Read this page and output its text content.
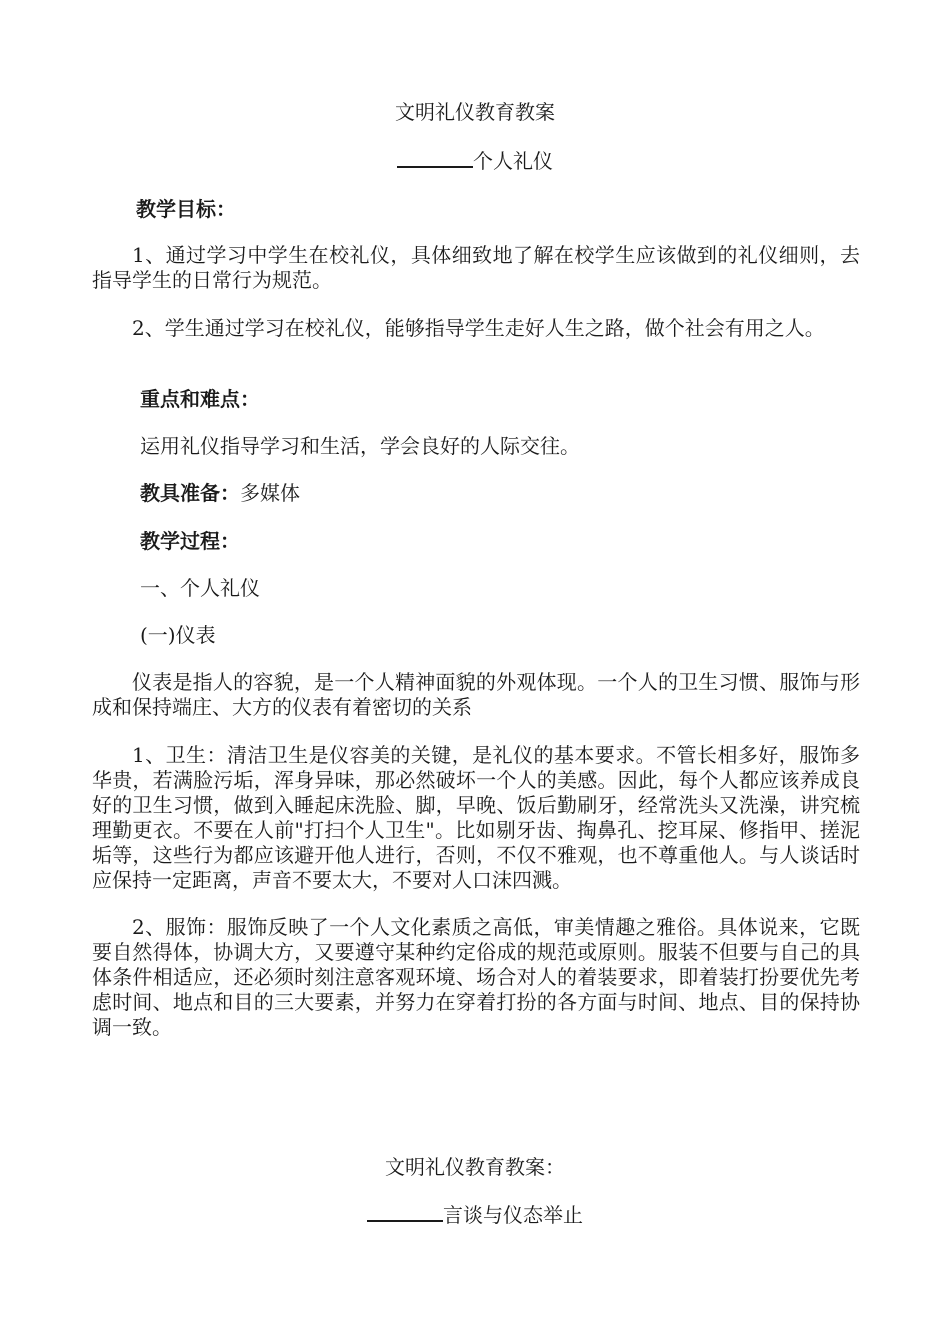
文明礼仪教育教案
个人礼仪
教学目标：
1、通过学习中学生在校礼仪，具体细致地了解在校学生应该做到的礼仪细则，去指导学生的日常行为规范。
2、学生通过学习在校礼仪，能够指导学生走好人生之路，做个社会有用之人。
重点和难点：
运用礼仪指导学习和生活，学会良好的人际交往。
教具准备：多媒体
教学过程：
一、个人礼仪
(一)仪表
仪表是指人的容貌，是一个人精神面貌的外观体现。一个人的卫生习惯、服饰与形成和保持端庄、大方的仪表有着密切的关系
1、卫生：清洁卫生是仪容美的关键，是礼仪的基本要求。不管长相多好，服饰多华贵，若满脸污垢，浑身异味，那必然破坏一个人的美感。因此，每个人都应该养成良好的卫生习惯，做到入睡起床洗脸、脚，早晚、饭后勤刷牙，经常洗头又洗澡，讲究梳理勤更衣。不要在人前"打扫个人卫生"。比如剔牙齿、掏鼻孔、挖耳屎、修指甲、搓泥垢等，这些行为都应该避开他人进行，否则，不仅不雅观，也不尊重他人。与人谈话时应保持一定距离，声音不要太大，不要对人口沫四溅。
2、服饰：服饰反映了一个人文化素质之高低，审美情趣之雅俗。具体说来，它既要自然得体，协调大方，又要遵守某种约定俗成的规范或原则。服装不但要与自己的具体条件相适应，还必须时刻注意客观环境、场合对人的着装要求，即着装打扮要优先考虑时间、地点和目的三大要素，并努力在穿着打扮的各方面与时间、地点、目的保持协调一致。
文明礼仪教育教案：
言谈与仪态举止
